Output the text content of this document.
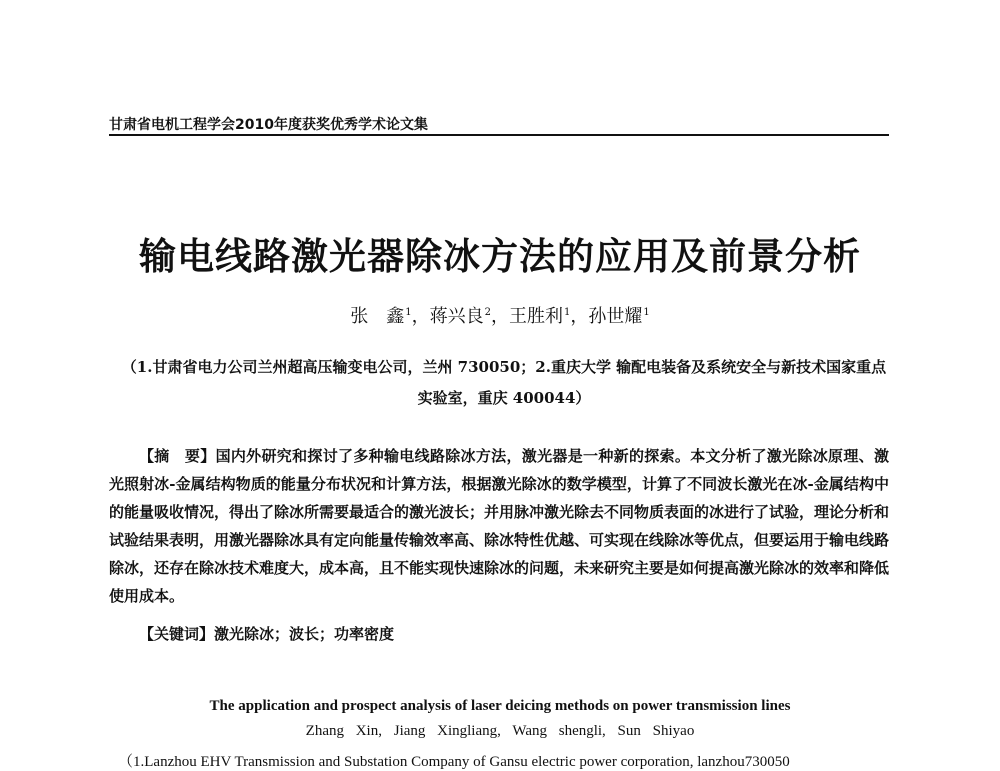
甘肃省电机工程学会2010年度获奖优秀学术论文集
输电线路激光器除冰方法的应用及前景分析
张　鑫$^1$，蒋兴良$^2$，王胜利$^1$，孙世耀$^1$
（1.甘肃省电力公司兰州超高压输变电公司，兰州 730050；2.重庆大学 输配电装备及系统安全与新技术国家重点实验室，重庆 400044）
【摘　要】国内外研究和探讨了多种输电线路除冰方法，激光器是一种新的探索。本文分析了激光除冰原理、激光照射冰-金属结构物质的能量分布状况和计算方法，根据激光除冰的数学模型，计算了不同波长激光在冰-金属结构中的能量吸收情况，得出了除冰所需要最适合的激光波长；并用脉冲激光除去不同物质表面的冰进行了试验，理论分析和试验结果表明，用激光器除冰具有定向能量传输效率高、除冰特性优越、可实现在线除冰等优点，但要运用于输电线路除冰，还存在除冰技术难度大，成本高，且不能实现快速除冰的问题，未来研究主要是如何提高激光除冰的效率和降低使用成本。
【关键词】激光除冰；波长；功率密度
The application and prospect analysis of laser deicing methods on power transmission lines
Zhang Xin, Jiang Xingliang, Wang shengli, Sun Shiyao
（1.Lanzhou EHV Transmission and Substation Company of Gansu electric power corporation, lanzhou730050
